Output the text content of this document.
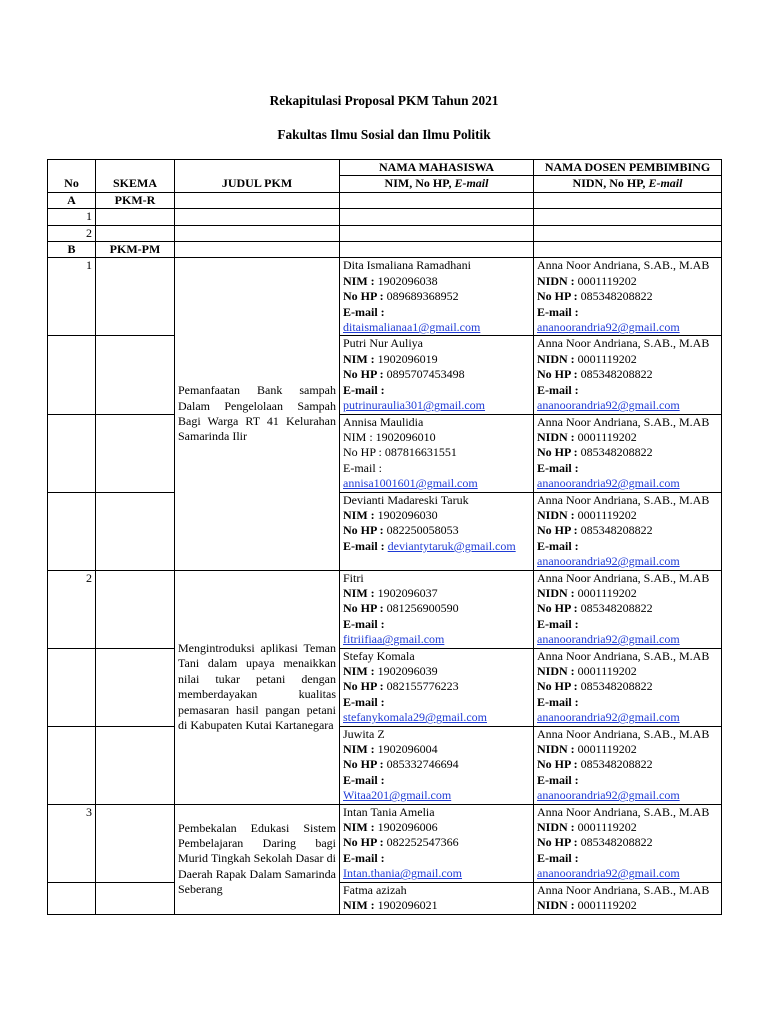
Rekapitulasi Proposal PKM Tahun 2021
Fakultas Ilmu Sosial dan Ilmu Politik
No	SKEMA	JUDUL PKM	NAMA MAHASISWA	NAMA DOSEN PEMBIMBING
			NIM, No HP, E-mail	NIDN, No HP, E-mail
A	PKM-R			
1				
2				
B	PKM-PM			
1		Pemanfaatan Bank sampah Dalam Pengelolaan Sampah Bagi Warga RT 41 Kelurahan Samarinda Ilir	Dita Ismaliana Ramadhani
NIM : 1902096038
No HP : 089689368952
E-mail :
ditaismalianaa1@gmail.com	Anna Noor Andriana, S.AB., M.AB
NIDN : 0001119202
No HP : 085348208822
E-mail :
ananoorandria92@gmail.com

			Putri Nur Auliya
NIM : 1902096019
No HP : 0895707453498
E-mail :
putrinuraulia301@gmail.com	Anna Noor Andriana, S.AB., M.AB
NIDN : 0001119202
No HP : 085348208822
E-mail :
ananoorandria92@gmail.com

			Annisa Maulidia
NIM : 1902096010
No HP : 087816631551
E-mail :
annisa1001601@gmail.com	Anna Noor Andriana, S.AB., M.AB
NIDN : 0001119202
No HP : 085348208822
E-mail :
ananoorandria92@gmail.com

			Devianti Madareski Taruk
NIM : 1902096030
No HP : 082250058053
E-mail : deviantytaruk@gmail.com	Anna Noor Andriana, S.AB., M.AB
NIDN : 0001119202
No HP : 085348208822
E-mail :
ananoorandria92@gmail.com

2		Mengintroduksi aplikasi Teman Tani dalam upaya menaikkan nilai tukar petani dengan memberdayakan kualitas pemasaran hasil pangan petani di Kabupaten Kutai Kartanegara	Fitri
NIM : 1902096037
No HP : 081256900590
E-mail :
fitriifiaa@gmail.com	Anna Noor Andriana, S.AB., M.AB
NIDN : 0001119202
No HP : 085348208822
E-mail :
ananoorandria92@gmail.com

			Stefay Komala
NIM : 1902096039
No HP : 082155776223
E-mail :
stefanykomala29@gmail.com	Anna Noor Andriana, S.AB., M.AB
NIDN : 0001119202
No HP : 085348208822
E-mail :
ananoorandria92@gmail.com

			Juwita Z
NIM : 1902096004
No HP : 085332746694
E-mail :
Witaa201@gmail.com	Anna Noor Andriana, S.AB., M.AB
NIDN : 0001119202
No HP : 085348208822
E-mail :
ananoorandria92@gmail.com

3		Pembekalan Edukasi Sistem Pembelajaran Daring bagi Murid Tingkah Sekolah Dasar di Daerah Rapak Dalam Samarinda Seberang	Intan Tania Amelia
NIM : 1902096006
No HP : 082252547366
E-mail :
Intan.thania@gmail.com	Anna Noor Andriana, S.AB., M.AB
NIDN : 0001119202
No HP : 085348208822
E-mail :
ananoorandria92@gmail.com

			Fatma azizah
NIM : 1902096021	Anna Noor Andriana, S.AB., M.AB
NIDN : 0001119202
